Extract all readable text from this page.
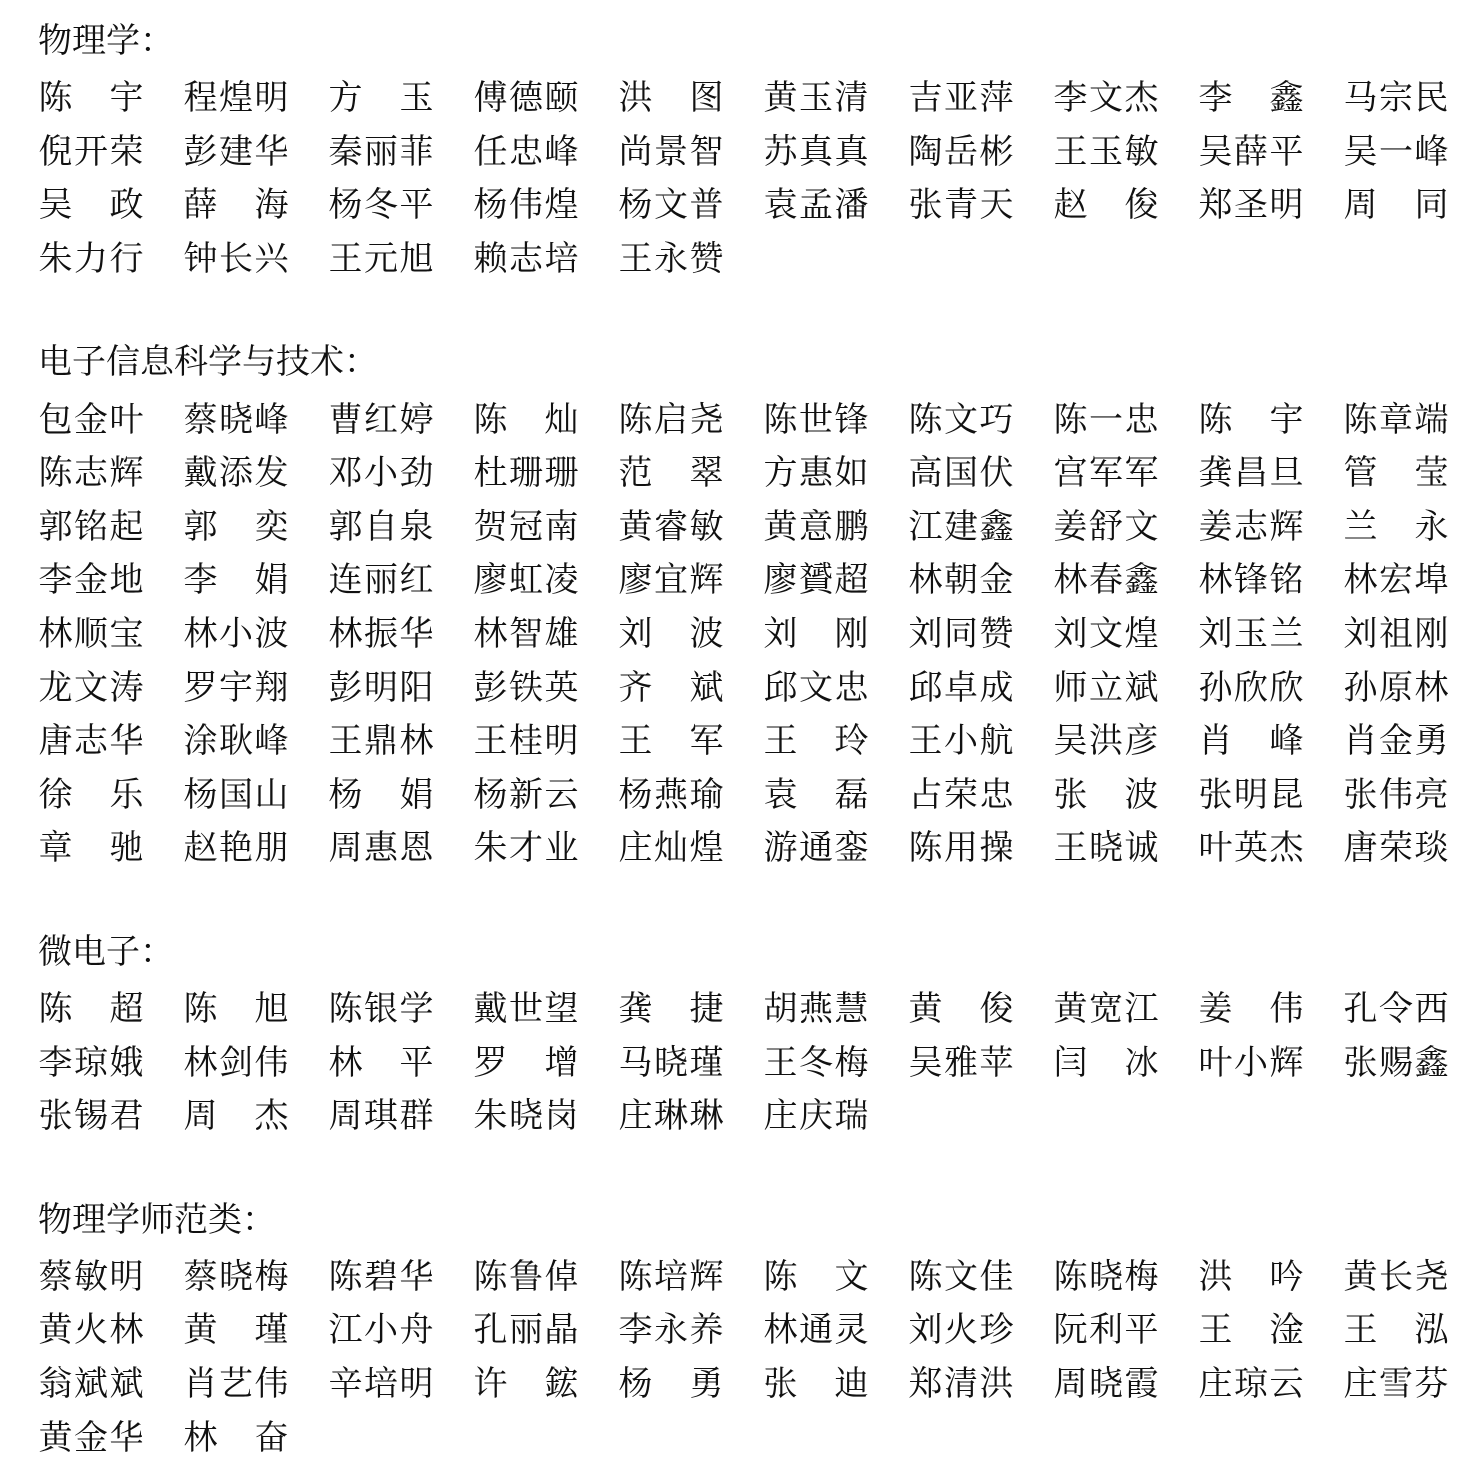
物理学：
陈 宇 程 煌 明 方 玉 傅 德 颐 洪 图 黄 玉 清 吉 亚 萍 李 文 杰 李 鑫 马 宗 民
倪 开 荣 彭 建 华 秦 丽 菲 任 忠 峰 尚 景 智 苏 真 真 陶 岳 彬 王 玉 敏 吴 薛 平 吴 一 峰
吴 政 薛 海 杨 冬 平 杨 伟 煌 杨 文 普 袁 孟 潘 张 青 天 赵 俊 郑 圣 明 周 同
朱 力 行 钟 长 兴 王 元 旭 赖 志 培 王 永 赞
电子信息科学与技术：
包 金 叶 蔡 晓 峰 曹 红 婷 陈 灿 陈 启 尧 陈 世 锋 陈 文 巧 陈 一 忠 陈 宇 陈 章 端
陈 志 辉 戴 添 发 邓 小 劲 杜 珊 珊 范 翠 方 惠 如 高 国 伏 宫 军 军 龚 昌 旦 管 莹
郭 铭 起 郭 奕 郭 自 泉 贺 冠 南 黄 睿 敏 黄 意 鹏 江 建 鑫 姜 舒 文 姜 志 辉 兰 永
李 金 地 李 娟 连 丽 红 廖 虹 凌 廖 宜 辉 廖 贇 超 林 朝 金 林 春 鑫 林 锋 铭 林 宏 埠
林 顺 宝 林 小 波 林 振 华 林 智 雄 刘 波 刘 刚 刘 同 赞 刘 文 煌 刘 玉 兰 刘 祖 刚
龙 文 涛 罗 宇 翔 彭 明 阳 彭 铁 英 齐 斌 邱 文 忠 邱 卓 成 师 立 斌 孙 欣 欣 孙 原 林
唐 志 华 涂 耿 峰 王 鼎 林 王 桂 明 王 军 王 玲 王 小 航 吴 洪 彦 肖 峰 肖 金 勇
徐 乐 杨 国 山 杨 娟 杨 新 云 杨 燕 瑜 袁 磊 占 荣 忠 张 波 张 明 昆 张 伟 亮
章 驰 赵 艳 朋 周 惠 恩 朱 才 业 庄 灿 煌 游 通 銮 陈 用 操 王 晓 诚 叶 英 杰 唐 荣 琰
微电子：
陈 超 陈 旭 陈 银 学 戴 世 望 龚 捷 胡 燕 慧 黄 俊 黄 宽 江 姜 伟 孔 令 西
李 琼 娥 林 剑 伟 林 平 罗 增 马 晓 瑾 王 冬 梅 吴 雅 苹 闫 冰 叶 小 辉 张 赐 鑫
张 锡 君 周 杰 周 琪 群 朱 晓 岗 庄 琳 琳 庄 庆 瑞
物理学师范类：
蔡 敏 明 蔡 晓 梅 陈 碧 华 陈 鲁 倬 陈 培 辉 陈 文 陈 文 佳 陈 晓 梅 洪 吟 黄 长 尧
黄 火 林 黄 瑾 江 小 舟 孔 丽 晶 李 永 养 林 通 灵 刘 火 珍 阮 利 平 王 淦 王 泓
翁 斌 斌 肖 艺 伟 辛 培 明 许 鋐 杨 勇 张 迪 郑 清 洪 周 晓 霞 庄 琼 云 庄 雪 芬
黄 金 华 林 奋
